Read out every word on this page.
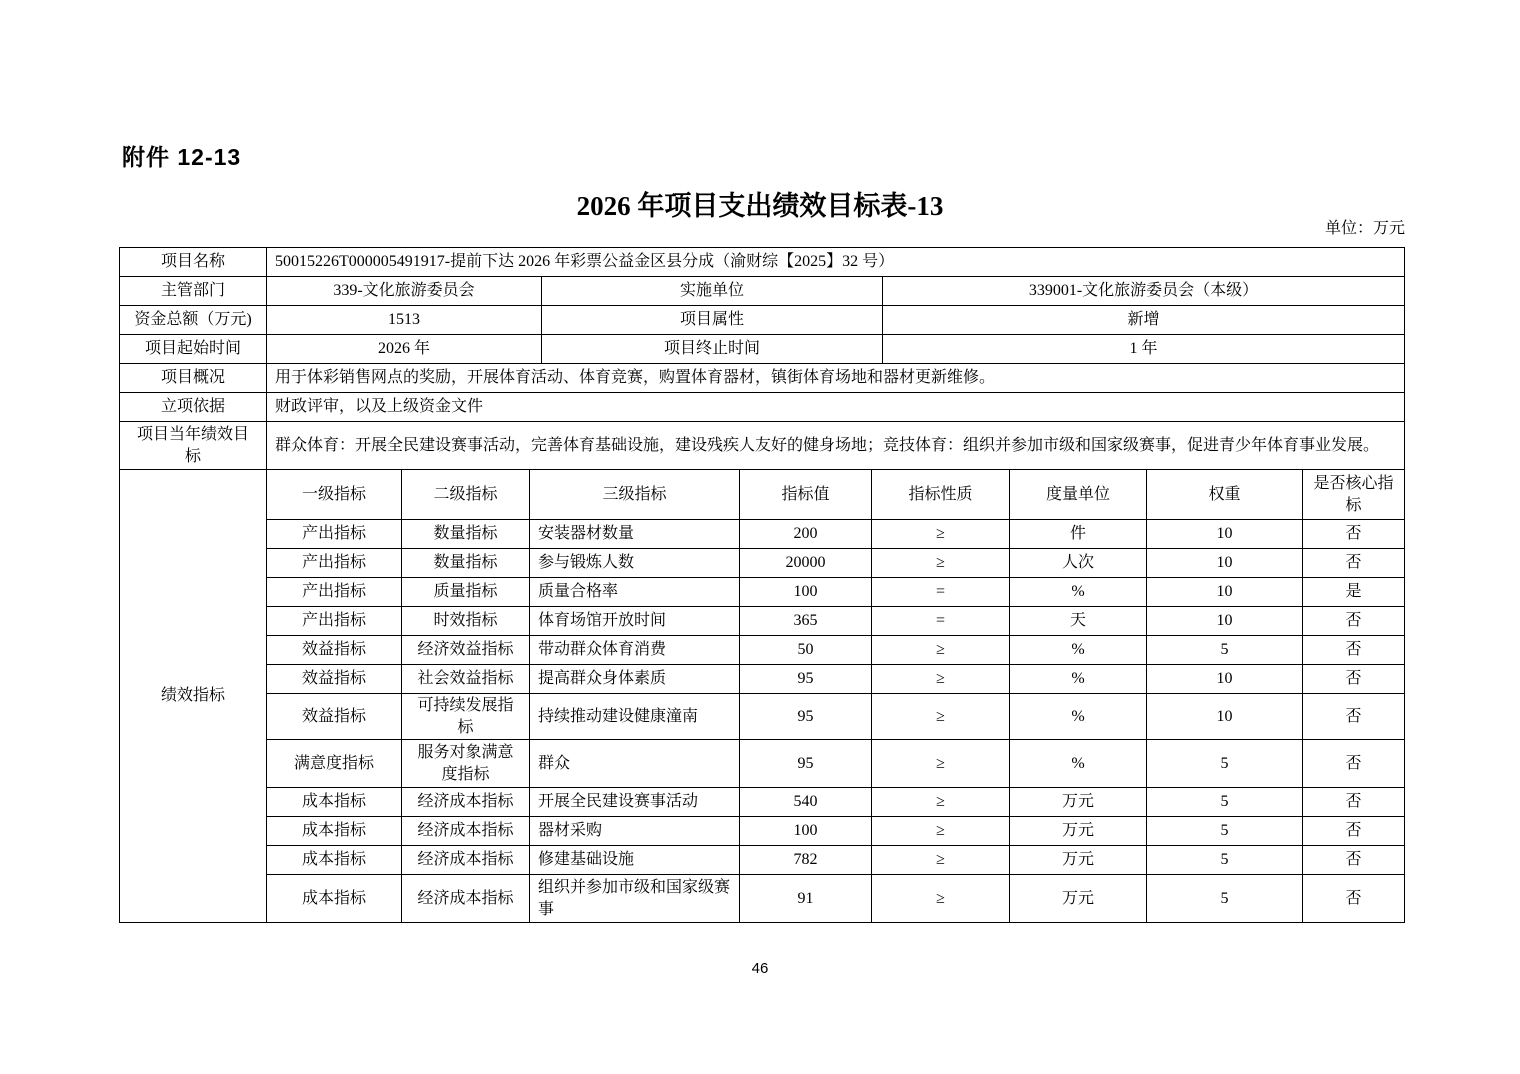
附件 12-13
2026 年项目支出绩效目标表-13
单位：万元
项目名称	50015226T000005491917-提前下达 2026 年彩票公益金区县分成（渝财综【2025】32 号）		
主管部门	339-文化旅游委员会	实施单位	339001-文化旅游委员会（本级）
资金总额（万元)	1513	项目属性	新增
项目起始时间	2026 年	项目终止时间	1 年
项目概况	用于体彩销售网点的奖励，开展体育活动、体育竞赛，购置体育器材，镇街体育场地和器材更新维修。		
立项依据	财政评审，以及上级资金文件		
项目当年绩效目标	群众体育：开展全民建设赛事活动，完善体育基础设施，建设残疾人友好的健身场地；竞技体育：组织并参加市级和国家级赛事，促进青少年体育事业发展。		
绩效指标	一级指标	二级指标	三级指标	指标值	指标性质	度量单位	权重	是否核心指标
	产出指标	数量指标	安装器材数量	200	≥	件	10	否
	产出指标	数量指标	参与锻炼人数	20000	≥	人次	10	否
	产出指标	质量指标	质量合格率	100	=	%	10	是
	产出指标	时效指标	体育场馆开放时间	365	=	天	10	否
	效益指标	经济效益指标	带动群众体育消费	50	≥	%	5	否
	效益指标	社会效益指标	提高群众身体素质	95	≥	%	10	否
	效益指标	可持续发展指标	持续推动建设健康潼南	95	≥	%	10	否
	满意度指标	服务对象满意度指标	群众	95	≥	%	5	否
	成本指标	经济成本指标	开展全民建设赛事活动	540	≥	万元	5	否
	成本指标	经济成本指标	器材采购	100	≥	万元	5	否
	成本指标	经济成本指标	修建基础设施	782	≥	万元	5	否
	成本指标	经济成本指标	组织并参加市级和国家级赛事	91	≥	万元	5	否
46
